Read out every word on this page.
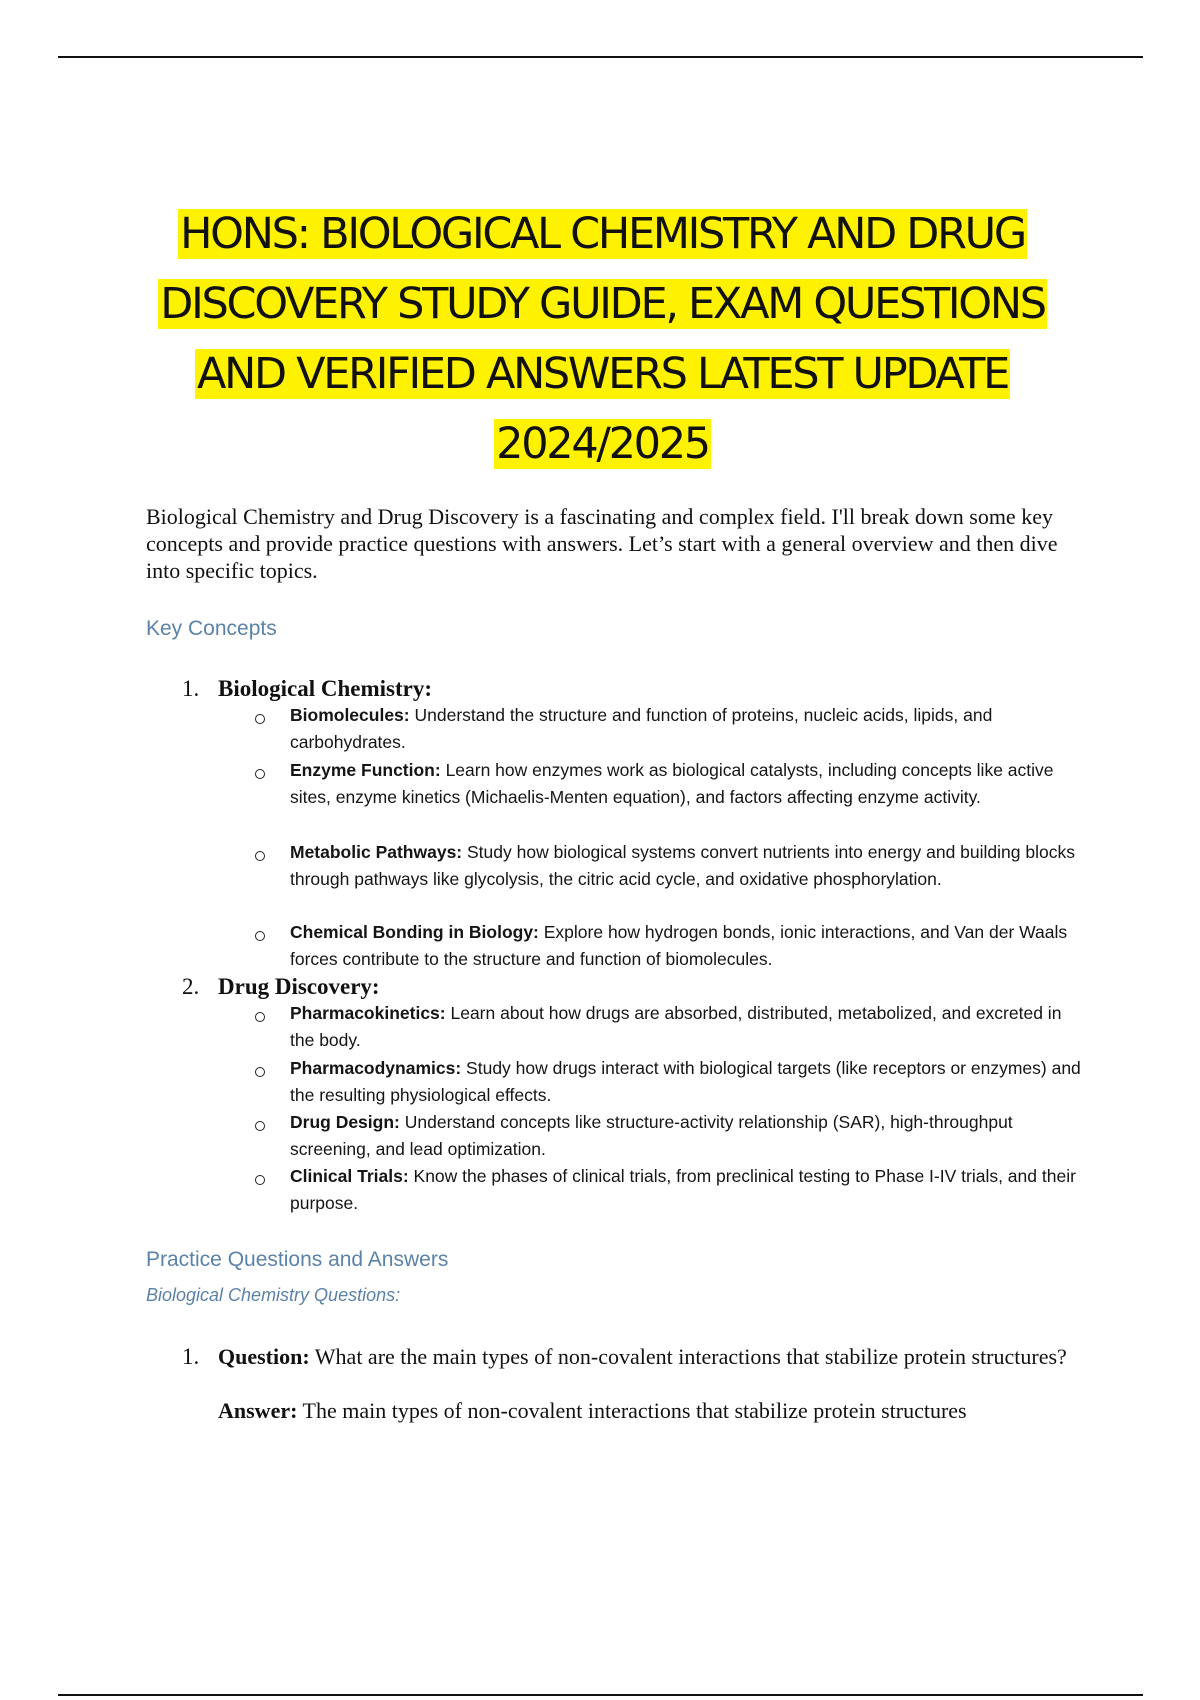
HONS: BIOLOGICAL CHEMISTRY AND DRUG
DISCOVERY STUDY GUIDE, EXAM QUESTIONS
AND VERIFIED ANSWERS LATEST UPDATE
2024/2025

Biological Chemistry and Drug Discovery is a fascinating and complex field. I'll break down some key concepts and provide practice questions with answers. Let’s start with a general overview and then dive into specific topics.

Key Concepts
1. Biological Chemistry:

Biomolecules: Understand the structure and function of proteins, nucleic acids, lipids, and carbohydrates.

Enzyme Function: Learn how enzymes work as biological catalysts, including concepts like active sites, enzyme kinetics (Michaelis-Menten equation), and factors affecting enzyme activity.

Metabolic Pathways: Study how biological systems convert nutrients into energy and building blocks through pathways like glycolysis, the citric acid cycle, and oxidative phosphorylation.

Chemical Bonding in Biology: Explore how hydrogen bonds, ionic interactions, and Van der Waals forces contribute to the structure and function of biomolecules.

2. Drug Discovery:

Pharmacokinetics: Learn about how drugs are absorbed, distributed, metabolized, and excreted in the body.

Pharmacodynamics: Study how drugs interact with biological targets (like receptors or enzymes) and the resulting physiological effects.

Drug Design: Understand concepts like structure-activity relationship (SAR), high-throughput screening, and lead optimization.

Clinical Trials: Know the phases of clinical trials, from preclinical testing to Phase I-IV trials, and their purpose.

Practice Questions and Answers
Biological Chemistry Questions:
1. Question: What are the main types of non-covalent interactions that stabilize protein structures?

Answer: The main types of non-covalent interactions that stabilize protein structures
